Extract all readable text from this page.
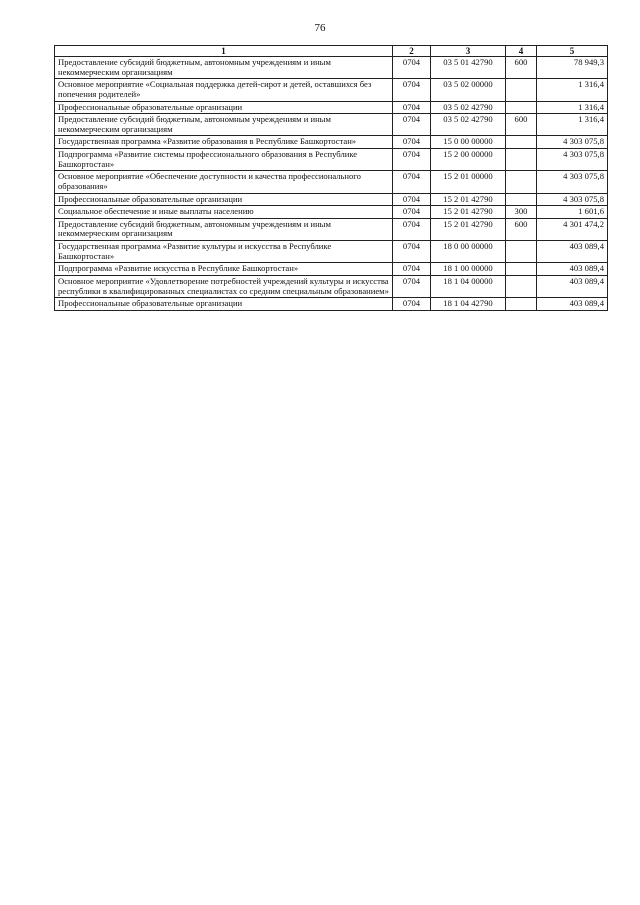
76
1	2	3	4	5
Предоставление субсидий бюджетным, автономным учреждениям и иным некоммерческим организациям	0704	03 5 01 42790	600	78 949,3
Основное мероприятие «Социальная поддержка детей-сирот и детей, оставшихся без попечения родителей»	0704	03 5 02 00000		1 316,4
Профессиональные образовательные организации	0704	03 5 02 42790		1 316,4
Предоставление субсидий бюджетным, автономным учреждениям и иным некоммерческим организациям	0704	03 5 02 42790	600	1 316,4
Государственная программа «Развитие образования в Республике Башкортостан»	0704	15 0 00 00000		4 303 075,8
Подпрограмма «Развитие системы профессионального образования в Республике Башкортостан»	0704	15 2 00 00000		4 303 075,8
Основное мероприятие «Обеспечение доступности и качества профессионального образования»	0704	15 2 01 00000		4 303 075,8
Профессиональные образовательные организации	0704	15 2 01 42790		4 303 075,8
Социальное обеспечение и иные выплаты населению	0704	15 2 01 42790	300	1 601,6
Предоставление субсидий бюджетным, автономным учреждениям и иным некоммерческим организациям	0704	15 2 01 42790	600	4 301 474,2
Государственная программа «Развитие культуры и искусства в Республике Башкортостан»	0704	18 0 00 00000		403 089,4
Подпрограмма «Развитие искусства в Республике Башкортостан»	0704	18 1 00 00000		403 089,4
Основное мероприятие «Удовлетворение потребностей учреждений культуры и искусства республики в квалифицированных специалистах со средним специальным образованием»	0704	18 1 04 00000		403 089,4
Профессиональные образовательные организации	0704	18 1 04 42790		403 089,4
